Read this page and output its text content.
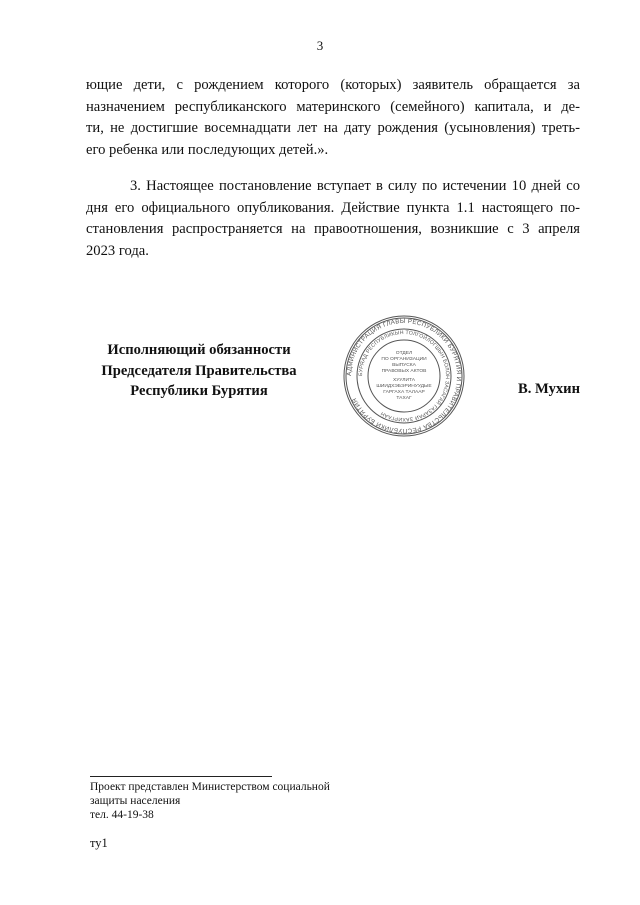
3

ющие дети, с рождением которого (которых) заявитель обращается за
назначением республиканского материнского (семейного) капитала, и де-
ти, не достигшие восемнадцати лет на дату рождения (усыновления) треть-
его ребенка или последующих детей.».

3. Настоящее постановление вступает в силу по истечении 10 дней со
дня его официального опубликования. Действие пункта 1.1 настоящего по-
становления распространяется на правоотношения, возникшие с 3 апреля
2023 года.

Исполняющий обязанности
Председателя Правительства
Республики Бурятия
АДМИНИСТРАЦИЯ ГЛАВЫ РЕСПУБЛИКИ БУРЯТИЯ И ПРАВИТЕЛЬСТВА РЕСПУБЛИКИ БУРЯТИЯ
БУРЯАД РЕСПУБЛИКЫН ТОЛГОЙЛОГШЫН БОЛОН ЗАСАГАЙ ГАЗАРАЙ ЗАХИРГААН
ОТДЕЛ
ПО ОРГАНИЗАЦИИ
ВЫПУСКА
ПРАВОВЫХ АКТОВ
ХУУЛИТА
ШИИДХЭБЭРИНУУДЫЕ
ГАРГАХА ТАЛААР
ТАХАГ
В. Мухин
Проект представлен Министерством социальной
защиты населения
тел. 44-19-38
ту1
